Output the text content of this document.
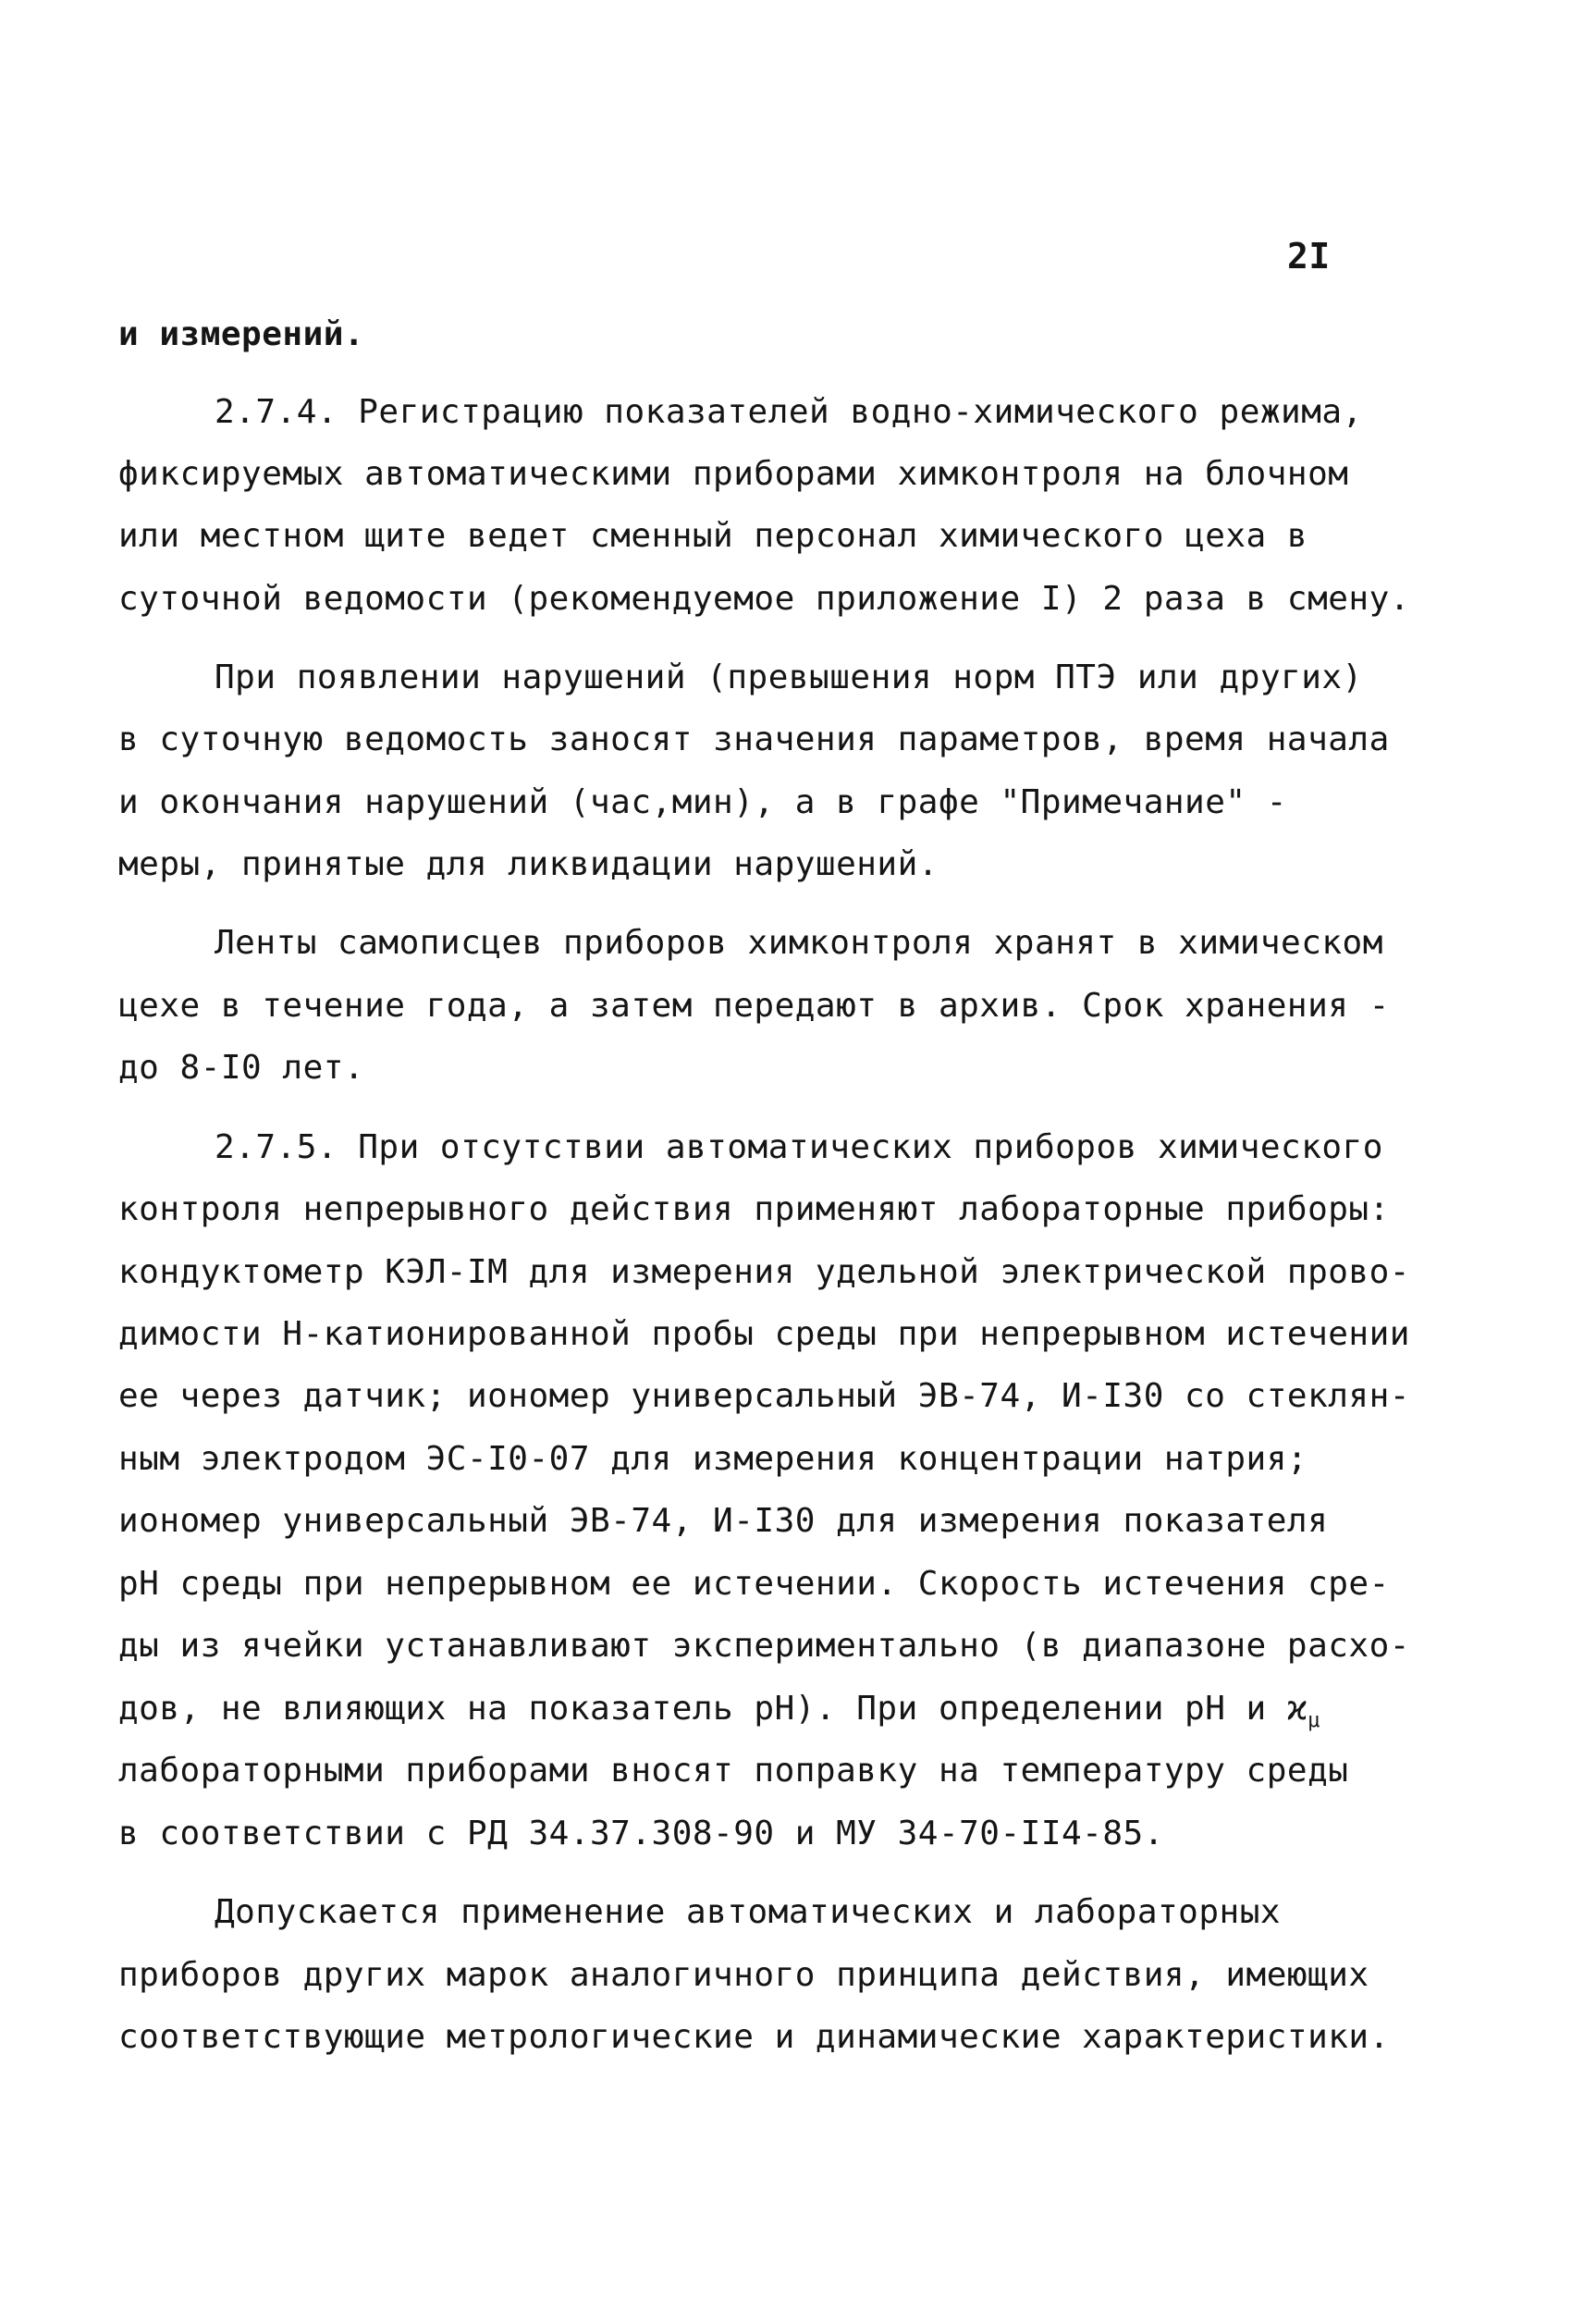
2I
и измерений.
2.7.4. Регистрацию показателей водно-химического режима,
фиксируемых автоматическими приборами химконтроля на блочном
или местном щите ведет сменный персонал химического цеха в
суточной ведомости (рекомендуемое приложение I) 2 раза в смену.
При появлении нарушений (превышения норм ПТЭ или других)
в суточную ведомость заносят значения параметров, время начала
и окончания нарушений (час,мин), а в графе "Примечание" -
меры, принятые для ликвидации нарушений.
Ленты самописцев приборов химконтроля хранят в химическом
цехе в течение года, а затем передают в архив. Срок хранения -
до 8-I0 лет.
2.7.5. При отсутствии автоматических приборов химического
контроля непрерывного действия применяют лабораторные приборы:
кондуктометр КЭЛ-IМ для измерения удельной электрической прово-
димости Н-катионированной пробы среды при непрерывном истечении
ее через датчик; иономер универсальный ЭВ-74, И-I30 со стеклян-
ным электродом ЭС-I0-07 для измерения концентрации натрия;
иономер универсальный ЭВ-74, И-I30 для измерения показателя
рН среды при непрерывном ее истечении. Скорость истечения сре-
ды из ячейки устанавливают экспериментально (в диапазоне расхо-
дов, не влияющих на показатель рН). При определении рН и $ϰ_\mu$
лабораторными приборами вносят поправку на температуру среды
в соответствии с РД 34.37.308-90 и МУ 34-70-II4-85.
Допускается применение автоматических и лабораторных
приборов других марок аналогичного принципа действия, имеющих
соответствующие метрологические и динамические характеристики.
